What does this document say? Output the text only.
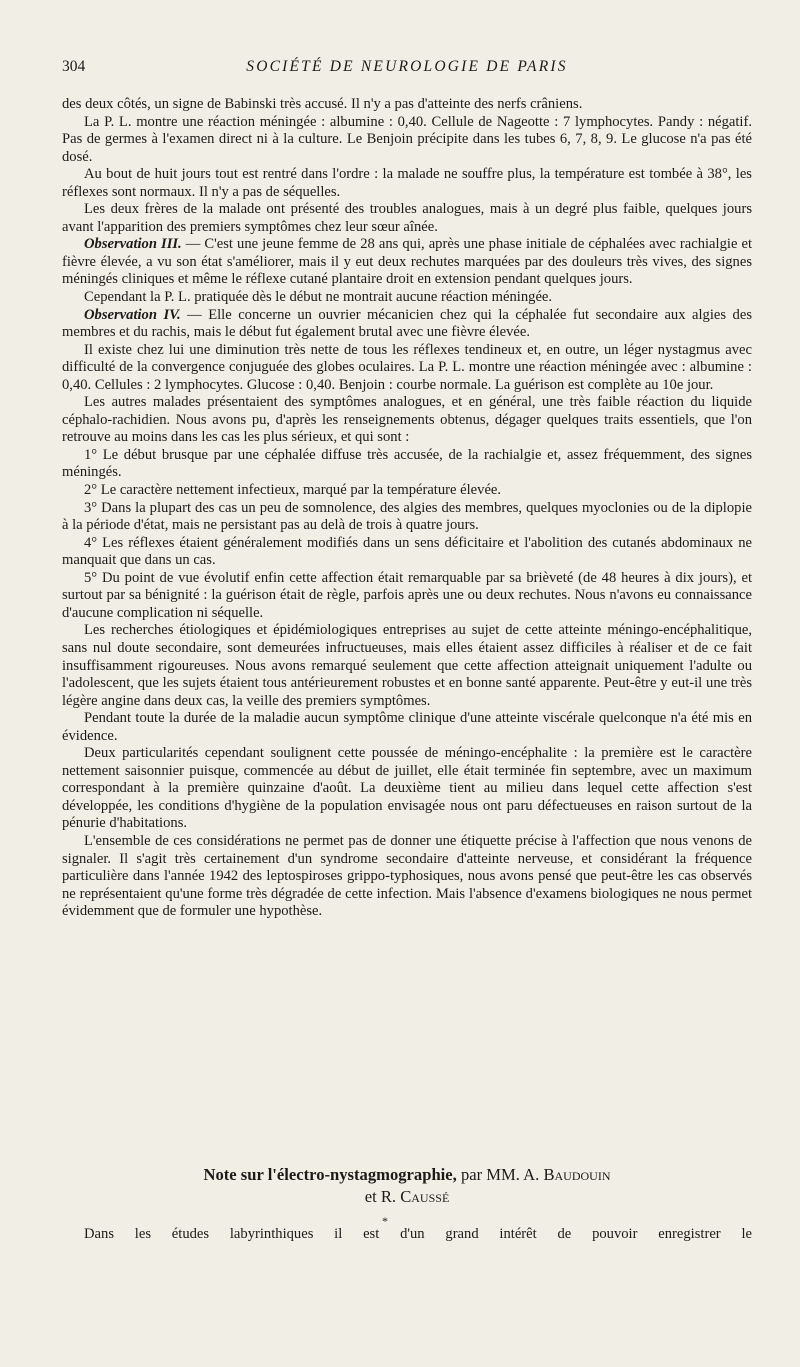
304	SOCIÉTÉ DE NEUROLOGIE DE PARIS

des deux côtés, un signe de Babinski très accusé. Il n'y a pas d'atteinte des nerfs crâniens.

La P. L. montre une réaction méningée : albumine : 0,40. Cellule de Nageotte : 7 lymphocytes. Pandy : négatif. Pas de germes à l'examen direct ni à la culture. Le Benjoin précipite dans les tubes 6, 7, 8, 9. Le glucose n'a pas été dosé.

Au bout de huit jours tout est rentré dans l'ordre : la malade ne souffre plus, la température est tombée à 38°, les réflexes sont normaux. Il n'y a pas de séquelles.

Les deux frères de la malade ont présenté des troubles analogues, mais à un degré plus faible, quelques jours avant l'apparition des premiers symptômes chez leur sœur aînée.

Observation III. — C'est une jeune femme de 28 ans qui, après une phase initiale de céphalées avec rachialgie et fièvre élevée, a vu son état s'améliorer, mais il y eut deux rechutes marquées par des douleurs très vives, des signes méningés cliniques et même le réflexe cutané plantaire droit en extension pendant quelques jours.

Cependant la P. L. pratiquée dès le début ne montrait aucune réaction méningée.

Observation IV. — Elle concerne un ouvrier mécanicien chez qui la céphalée fut secondaire aux algies des membres et du rachis, mais le début fut également brutal avec une fièvre élevée.

Il existe chez lui une diminution très nette de tous les réflexes tendineux et, en outre, un léger nystagmus avec difficulté de la convergence conjuguée des globes oculaires. La P. L. montre une réaction méningée avec : albumine : 0,40. Cellules : 2 lymphocytes. Glucose : 0,40. Benjoin : courbe normale. La guérison est complète au 10e jour.

Les autres malades présentaient des symptômes analogues, et en général, une très faible réaction du liquide céphalo-rachidien. Nous avons pu, d'après les renseignements obtenus, dégager quelques traits essentiels, que l'on retrouve au moins dans les cas les plus sérieux, et qui sont :

1° Le début brusque par une céphalée diffuse très accusée, de la rachialgie et, assez fréquemment, des signes méningés.

2° Le caractère nettement infectieux, marqué par la température élevée.

3° Dans la plupart des cas un peu de somnolence, des algies des membres, quelques myoclonies ou de la diplopie à la période d'état, mais ne persistant pas au delà de trois à quatre jours.

4° Les réflexes étaient généralement modifiés dans un sens déficitaire et l'abolition des cutanés abdominaux ne manquait que dans un cas.

5° Du point de vue évolutif enfin cette affection était remarquable par sa brièveté (de 48 heures à dix jours), et surtout par sa bénignité : la guérison était de règle, parfois après une ou deux rechutes. Nous n'avons eu connaissance d'aucune complication ni séquelle.

Les recherches étiologiques et épidémiologiques entreprises au sujet de cette atteinte méningo-encéphalitique, sans nul doute secondaire, sont demeurées infructueuses, mais elles étaient assez difficiles à réaliser et de ce fait insuffisamment rigoureuses. Nous avons remarqué seulement que cette affection atteignait uniquement l'adulte ou l'adolescent, que les sujets étaient tous antérieurement robustes et en bonne santé apparente. Peut-être y eut-il une très légère angine dans deux cas, la veille des premiers symptômes.

Pendant toute la durée de la maladie aucun symptôme clinique d'une atteinte viscérale quelconque n'a été mis en évidence.

Deux particularités cependant soulignent cette poussée de méningo-encéphalite : la première est le caractère nettement saisonnier puisque, commencée au début de juillet, elle était terminée fin septembre, avec un maximum correspondant à la première quinzaine d'août. La deuxième tient au milieu dans lequel cette affection s'est développée, les conditions d'hygiène de la population envisagée nous ont paru défectueuses en raison surtout de la pénurie d'habitations.

L'ensemble de ces considérations ne permet pas de donner une étiquette précise à l'affection que nous venons de signaler. Il s'agit très certainement d'un syndrome secondaire d'atteinte nerveuse, et considérant la fréquence particulière dans l'année 1942 des leptospiroses grippo-typhosiques, nous avons pensé que peut-être les cas observés ne représentaient qu'une forme très dégradée de cette infection. Mais l'absence d'examens biologiques ne nous permet évidemment que de formuler une hypothèse.

Note sur l'électro-nystagmographie, par MM. A. Baudouin
et R. Caussé
*
Dans les études labyrinthiques il est d'un grand intérêt de pouvoir enregistrer le
